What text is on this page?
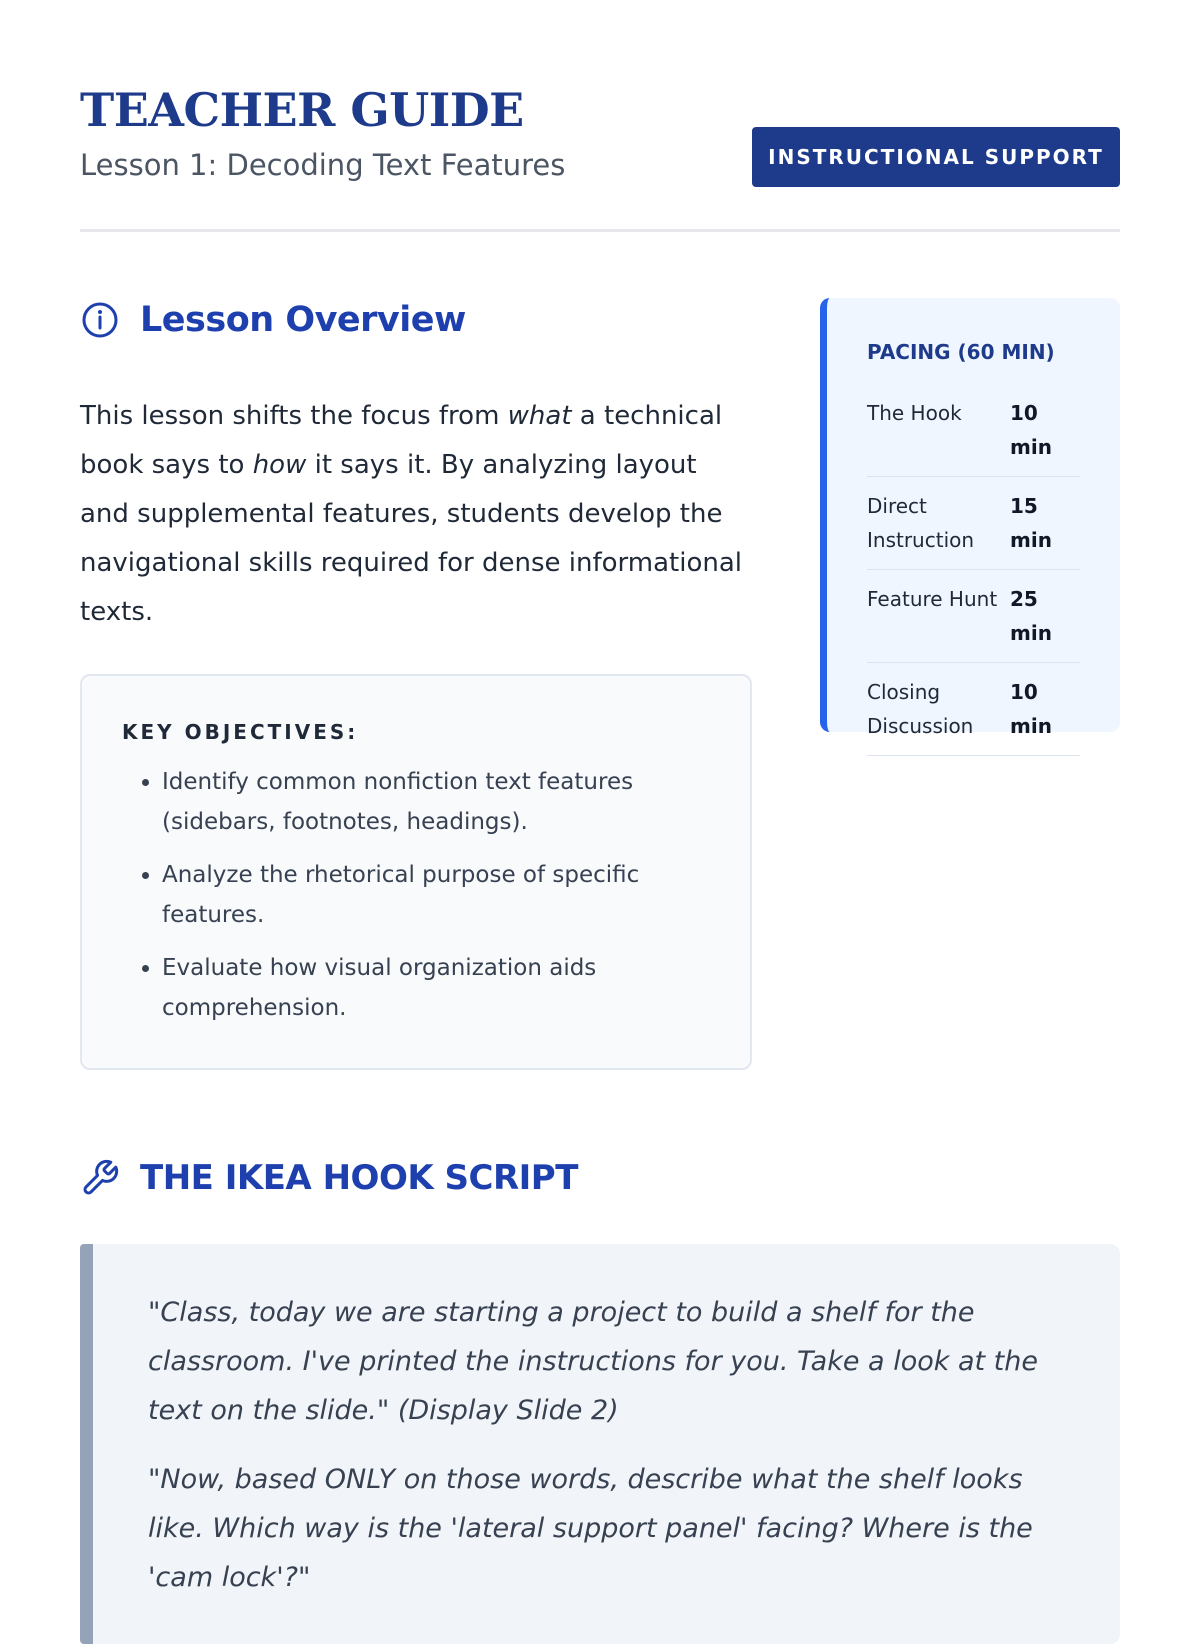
TEACHER GUIDE
Lesson 1: Decoding Text Features	INSTRUCTIONAL SUPPORT
Lesson Overview

This lesson shifts the focus from what a technical book says to how it says it. By analyzing layout and supplemental features, students develop the navigational skills required for dense informational texts.

KEY OBJECTIVES:
• Identify common nonfiction text features (sidebars, footnotes, headings).
• Analyze the rhetorical purpose of specific features.
• Evaluate how visual organization aids comprehension.
PACING (60 MIN)
The Hook	10 min
Direct Instruction
15 min
Feature Hunt 25 min
Closing Discussion
10 min
THE IKEA HOOK SCRIPT

"Class, today we are starting a project to build a shelf for the classroom. I've printed the instructions for you. Take a look at the text on the slide." (Display Slide 2)

"Now, based ONLY on those words, describe what the shelf looks like. Which way is the 'lateral support panel' facing? Where is the 'cam lock'?"
